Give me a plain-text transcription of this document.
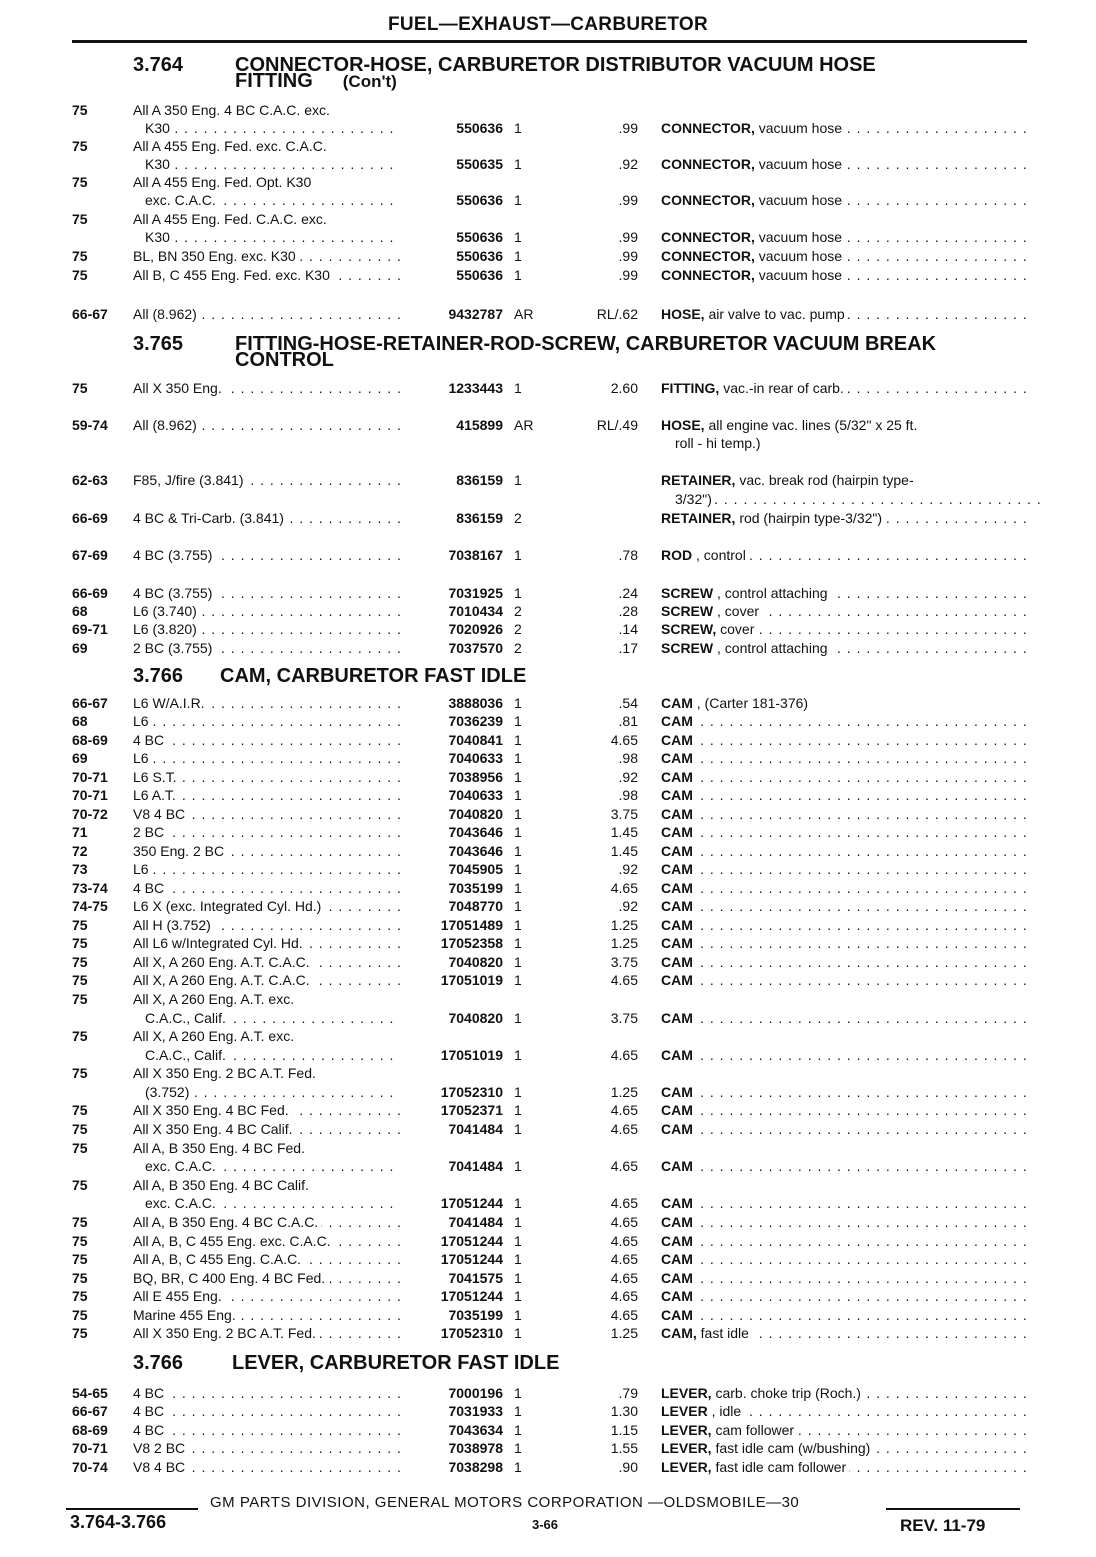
FUEL—EXHAUST—CARBURETOR
3.764	CONNECTOR-HOSE, CARBURETOR DISTRIBUTOR VACUUM HOSE
FITTING (Con't)
3.765	FITTING-HOSE-RETAINER-ROD-SCREW, CARBURETOR VACUUM BREAK
CONTROL
3.766 CAM, CARBURETOR FAST IDLE
3.766 LEVER, CARBURETOR FAST IDLE
75	All A 350 Eng. 4 BC C.A.C. exc.
K30 . . .	550636 1	.99 CONNECTOR, vacuum hose . . .
75	All A 455 Eng. Fed. exc. C.A.C.
K30 . . .	550635 1	.92 CONNECTOR, vacuum hose . . .
75	All A 455 Eng. Fed. Opt. K30
exc. C.A.C. . . .	550636 1	.99 CONNECTOR, vacuum hose . . .
75	All A 455 Eng. Fed. C.A.C. exc.
K30 . . .	550636 1	.99 CONNECTOR, vacuum hose . . .
75	BL, BN 350 Eng. exc. K30 . . .	550636 1	.99 CONNECTOR, vacuum hose . . .
75	All B, C 455 Eng. Fed. exc. K30 . . .	550636 1	.99 CONNECTOR, vacuum hose . . .
66-67 All (8.962) . . .	9432787 AR	RL/.62 HOSE, air valve to vac. pump . . .
75	All X 350 Eng. . . .	1233443 1	2.60 FITTING, vac.-in rear of carb. . . .
59-74 All (8.962) . . .	415899 AR	RL/.49 HOSE, all engine vac. lines (5/32" x 25 ft.
roll - hi temp.)
62-63 F85, J/fire (3.841) . . .	836159 1	RETAINER, vac. break rod (hairpin type-
3/32") . . .
66-69 4 BC & Tri-Carb. (3.841) . . .	836159 2	RETAINER, rod (hairpin type-3/32") . . .
67-69 4 BC (3.755) . . .	7038167 1	.78 ROD , control . . .
66-69 4 BC (3.755) . . .	7031925 1	.24 SCREW , control attaching . . .
68	L6 (3.740) . . .	7010434 2	.28 SCREW , cover . . .
69-71 L6 (3.820) . . .	7020926 2	.14 SCREW, cover . . .
69	2 BC (3.755) . . .	7037570 2	.17 SCREW , control attaching . . .
66-67 L6 W/A.I.R. . . .	3888036 1	.54 CAM , (Carter 181-376)
68	L6 . . .	7036239 1	.81 CAM . . .
68-69 4 BC . . .	7040841 1	4.65 CAM . . .
69	L6 . . .	7040633 1	.98 CAM . . .
70-71 L6 S.T. . . .	7038956 1	.92 CAM . . .
70-71 L6 A.T. . . .	7040633 1	.98 CAM . . .
70-72 V8 4 BC . . .	7040820 1	3.75 CAM . . .
71	2 BC . . .	7043646 1	1.45 CAM . . .
72	350 Eng. 2 BC . . .	7043646 1	1.45 CAM . . .
73	L6 . . .	7045905 1	.92 CAM . . .
73-74 4 BC . . .	7035199 1	4.65 CAM . . .
74-75 L6 X (exc. Integrated Cyl. Hd.) . . .	7048770 1	.92 CAM . . .
75	All H (3.752) . . .	17051489 1	1.25 CAM . . .
75	All L6 w/Integrated Cyl. Hd. . . .	17052358 1	1.25 CAM . . .
75	All X, A 260 Eng. A.T. C.A.C. . . .	7040820 1	3.75 CAM . . .
75	All X, A 260 Eng. A.T. C.A.C. . . .	17051019 1	4.65 CAM . . .
75	All X, A 260 Eng. A.T. exc.
C.A.C., Calif. . . .	7040820 1	3.75 CAM . . .
75	All X, A 260 Eng. A.T. exc.
C.A.C., Calif. . . .	17051019 1	4.65 CAM . . .
75	All X 350 Eng. 2 BC A.T. Fed.
(3.752) . . .	17052310 1	1.25 CAM . . .
75	All X 350 Eng. 4 BC Fed. . . .	17052371 1	4.65 CAM . . .
75	All X 350 Eng. 4 BC Calif. . . .	7041484 1	4.65 CAM . . .
75	All A, B 350 Eng. 4 BC Fed.
exc. C.A.C. . . .	7041484 1	4.65 CAM . . .
75	All A, B 350 Eng. 4 BC Calif.
exc. C.A.C. . . .	17051244 1	4.65 CAM . . .
75	All A, B 350 Eng. 4 BC C.A.C. . . .	7041484 1	4.65 CAM . . .
75	All A, B, C 455 Eng. exc. C.A.C. . . .	17051244 1	4.65 CAM . . .
75	All A, B, C 455 Eng. C.A.C. . . .	17051244 1	4.65 CAM . . .
75	BQ, BR, C 400 Eng. 4 BC Fed. . . .	7041575 1	4.65 CAM . . .
75	All E 455 Eng. . . .	17051244 1	4.65 CAM . . .
75	Marine 455 Eng. . . .	7035199 1	4.65 CAM . . .
75	All X 350 Eng. 2 BC A.T. Fed. . . .	17052310 1	1.25 CAM, fast idle . . .
54-65 4 BC . . .	7000196 1	.79 LEVER, carb. choke trip (Roch.) . . .
66-67 4 BC . . .	7031933 1	1.30 LEVER , idle . . .
68-69 4 BC . . .	7043634 1	1.15 LEVER, cam follower . . .
70-71 V8 2 BC . . .	7038978 1	1.55 LEVER, fast idle cam (w/bushing) . . .
70-74 V8 4 BC . . .	7038298 1	.90 LEVER, fast idle cam follower . . .
GM PARTS DIVISION, GENERAL MOTORS CORPORATION —OLDSMOBILE—30
3.764-3.766	3-66	REV. 11-79
